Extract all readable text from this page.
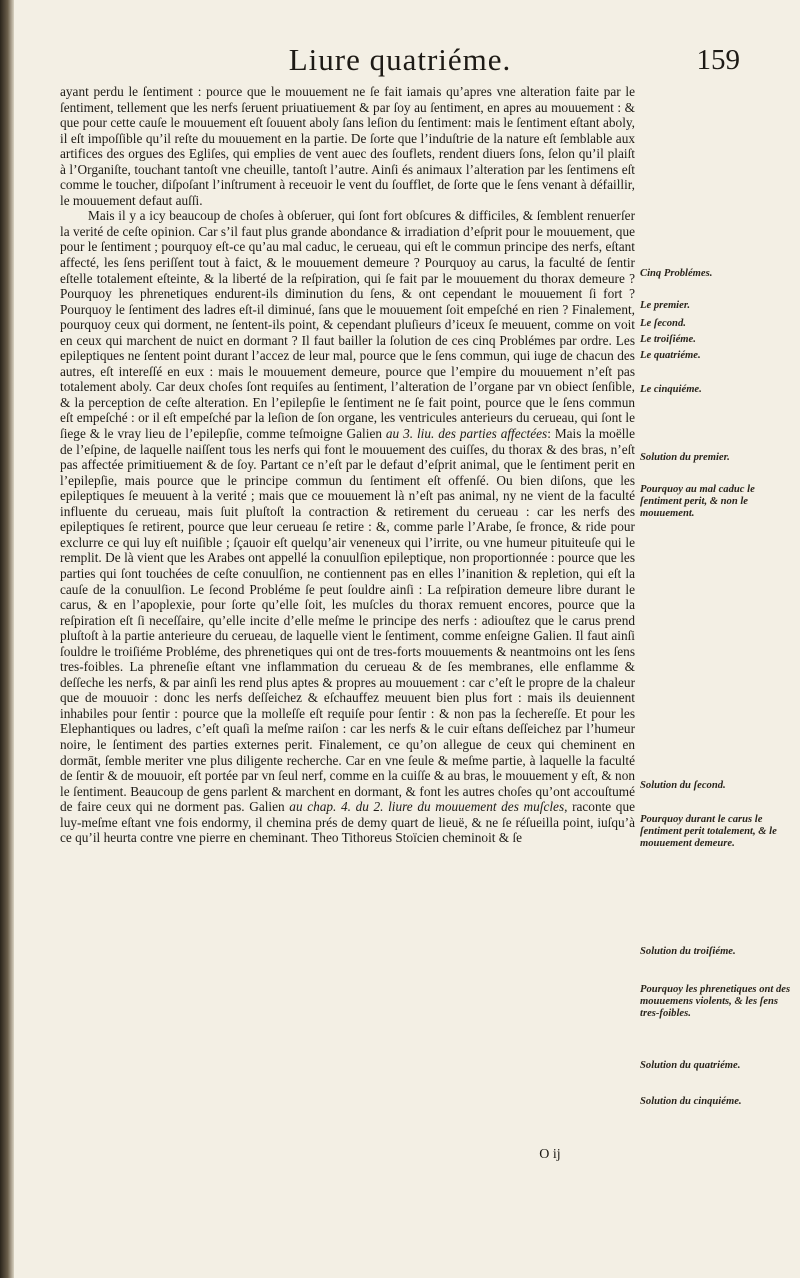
Liure quatriéme.	159

ayant perdu le ſentiment : pource que le mouuement ne ſe fait iamais qu’apres vne alteration faite par le ſentiment, tellement que les nerfs ſeruent priuatiuement & par ſoy au ſentiment, en apres au mouuement : & que pour cette cauſe le mouuement eſt ſouuent aboly ſans leſion du ſentiment: mais le ſentiment eſtant aboly, il eſt impoſſible qu’il reſte du mouuement en la partie. De ſorte que l’induſtrie de la nature eſt ſemblable aux artifices des orgues des Egliſes, qui emplies de vent auec des ſouflets, rendent diuers ſons, ſelon qu’il plaiſt à l’Organiſte, touchant tantoſt vne cheuille, tantoſt l’autre. Ainſi és animaux l’alteration par les ſentimens eſt comme le toucher, diſpoſant l’inſtrument à receuoir le vent du ſoufflet, de ſorte que le ſens venant à défaillir, le mouuement defaut auſſi.

Mais il y a icy beaucoup de choſes à obſeruer, qui ſont fort obſcures & difficiles, & ſemblent renuerſer la verité de ceſte opinion. Car s’il faut plus grande abondance & irradiation d’eſprit pour le mouuement, que pour le ſentiment ; pourquoy eſt-ce qu’au mal caduc, le cerueau, qui eſt le commun principe des nerfs, eſtant affecté, les ſens periſſent tout à faict, & le mouuement demeure ? Pourquoy au carus, la faculté de ſentir eſtelle totalement eſteinte, & la liberté de la reſpiration, qui ſe fait par le mouuement du thorax demeure ? Pourquoy les phrenetiques endurent-ils diminution du ſens, & ont cependant le mouuement ſi fort ? Pourquoy le ſentiment des ladres eſt-il diminué, ſans que le mouuement ſoit empeſché en rien ? Finalement, pourquoy ceux qui dorment, ne ſentent-ils point, & cependant pluſieurs d’iceux ſe meuuent, comme on voit en ceux qui marchent de nuict en dormant ? Il faut bailler la ſolution de ces cinq Problémes par ordre. Les epileptiques ne ſentent point durant l’accez de leur mal, pource que le ſens commun, qui iuge de chacun des autres, eſt intereſſé en eux : mais le mouuement demeure, pource que l’empire du mouuement n’eſt pas totalement aboly. Car deux choſes ſont requiſes au ſentiment, l’alteration de l’organe par vn obiect ſenſible, & la perception de ceſte alteration. En l’epilepſie le ſentiment ne ſe fait point, pource que le ſens commun eſt empeſché : or il eſt empeſché par la leſion de ſon organe, les ventricules anterieurs du cerueau, qui ſont le ſiege & le vray lieu de l’epilepſie, comme teſmoigne Galien au 3. liu. des parties affectées: Mais la moëlle de l’eſpine, de laquelle naiſſent tous les nerfs qui font le mouuement des cuiſſes, du thorax & des bras, n’eſt pas affectée primitiuement & de ſoy. Partant ce n’eſt par le defaut d’eſprit animal, que le ſentiment perit en l’epilepſie, mais pource que le principe commun du ſentiment eſt offenſé. Ou bien diſons, que les epileptiques ſe meuuent à la verité ; mais que ce mouuement là n’eſt pas animal, ny ne vient de la faculté influente du cerueau, mais ſuit pluſtoſt la contraction & retirement du cerueau : car les nerfs des epileptiques ſe retirent, pource que leur cerueau ſe retire : &, comme parle l’Arabe, ſe fronce, & ride pour exclurre ce qui luy eſt nuiſible ; ſçauoir eſt quelqu’air veneneux qui l’irrite, ou vne humeur pituiteuſe qui le remplit. De là vient que les Arabes ont appellé la conuulſion epileptique, non proportionnée : pource que les parties qui ſont touchées de ceſte conuulſion, ne contiennent pas en elles l’inanition & repletion, qui eſt la cauſe de la conuulſion. Le ſecond Probléme ſe peut ſouldre ainſi : La reſpiration demeure libre durant le carus, & en l’apoplexie, pour ſorte qu’elle ſoit, les muſcles du thorax remuent encores, pource que la reſpiration eſt ſi neceſſaire, qu’elle incite d’elle meſme le principe des nerfs : adiouſtez que le carus prend pluſtoſt à la partie anterieure du cerueau, de laquelle vient le ſentiment, comme enſeigne Galien. Il faut ainſi ſouldre le troiſiéme Probléme, des phrenetiques qui ont de tres-forts mouuements & neantmoins ont les ſens tres-foibles. La phreneſie eſtant vne inflammation du cerueau & de ſes membranes, elle enflamme & deſſeche les nerfs, & par ainſi les rend plus aptes & propres au mouuement : car c’eſt le propre de la chaleur que de mouuoir : donc les nerfs deſſeichez & eſchauffez meuuent bien plus fort : mais ils deuiennent inhabiles pour ſentir : pource que la molleſſe eſt requiſe pour ſentir : & non pas la ſechereſſe. Et pour les Elephantiques ou ladres, c’eſt quaſi la meſme raiſon : car les nerfs & le cuir eſtans deſſeichez par l’humeur noire, le ſentiment des parties externes perit. Finalement, ce qu’on allegue de ceux qui cheminent en dormāt, ſemble meriter vne plus diligente recherche. Car en vne ſeule & meſme partie, à laquelle la faculté de ſentir & de mouuoir, eſt portée par vn ſeul nerf, comme en la cuiſſe & au bras, le mouuement y eſt, & non le ſentiment. Beaucoup de gens parlent & marchent en dormant, & font les autres choſes qu’ont accouſtumé de faire ceux qui ne dorment pas. Galien au chap. 4. du 2. liure du mouuement des muſcles, raconte que luy-meſme eſtant vne fois endormy, il chemina prés de demy quart de lieuë, & ne ſe réſueilla point, iuſqu’à ce qu’il heurta contre vne pierre en cheminant. Theo Tithoreus Stoïcien cheminoit & ſe

Cinq Problémes.
Le premier.
Le ſecond.
Le troiſiéme.
Le quatriéme.
Le cinquiéme.
Solution du premier.
Pourquoy au mal caduc le ſentiment perit, & non le mouuement.
Solution du ſecond.
Pourquoy durant le carus le ſentiment perit totalement, & le mouuement demeure.
Solution du troiſiéme.
Pourquoy les phrenetiques ont des mouuemens violents, & les ſens tres-foibles.
Solution du quatriéme.
Solution du cinquiéme.
O ij
